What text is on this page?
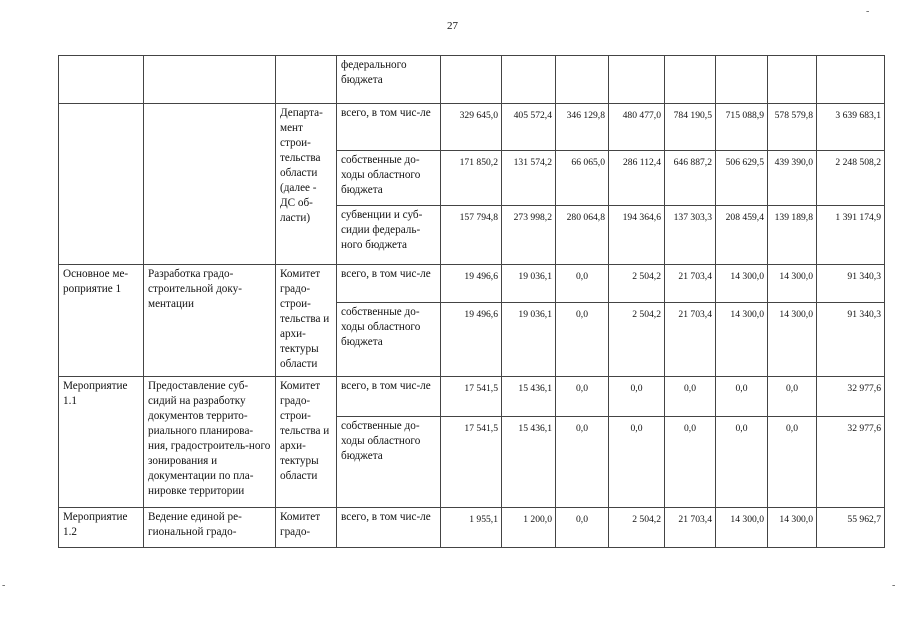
27
-
-	-
			федерального бюджета								
		Департа-мент строи-тельства области (далее - ДС об-ласти)	всего, в том чис-ле	329 645,0	405 572,4	346 129,8	480 477,0	784 190,5	715 088,9	578 579,8	3 639 683,1
			собственные до-ходы областного бюджета	171 850,2	131 574,2	66 065,0	286 112,4	646 887,2	506 629,5	439 390,0	2 248 508,2
			субвенции и суб-сидии федераль-ного бюджета	157 794,8	273 998,2	280 064,8	194 364,6	137 303,3	208 459,4	139 189,8	1 391 174,9
Основное ме-роприятие 1	Разработка градо-строительной доку-ментации	Комитет градо-строи-тельства и архи-тектуры области	всего, в том чис-ле	19 496,6	19 036,1	0,0	2 504,2	21 703,4	14 300,0	14 300,0	91 340,3
			собственные до-ходы областного бюджета	19 496,6	19 036,1	0,0	2 504,2	21 703,4	14 300,0	14 300,0	91 340,3
Мероприятие 1.1	Предоставление суб-сидий на разработку документов террито-риального планирова-ния, градостроитель-ного зонирования и документации по пла-нировке территории	Комитет градо-строи-тельства и архи-тектуры области	всего, в том чис-ле	17 541,5	15 436,1	0,0	0,0	0,0	0,0	0,0	32 977,6
			собственные до-ходы областного бюджета	17 541,5	15 436,1	0,0	0,0	0,0	0,0	0,0	32 977,6
Мероприятие 1.2	Ведение единой ре-гиональной градо-	Комитет градо-	всего, в том чис-ле	1 955,1	1 200,0	0,0	2 504,2	21 703,4	14 300,0	14 300,0	55 962,7
